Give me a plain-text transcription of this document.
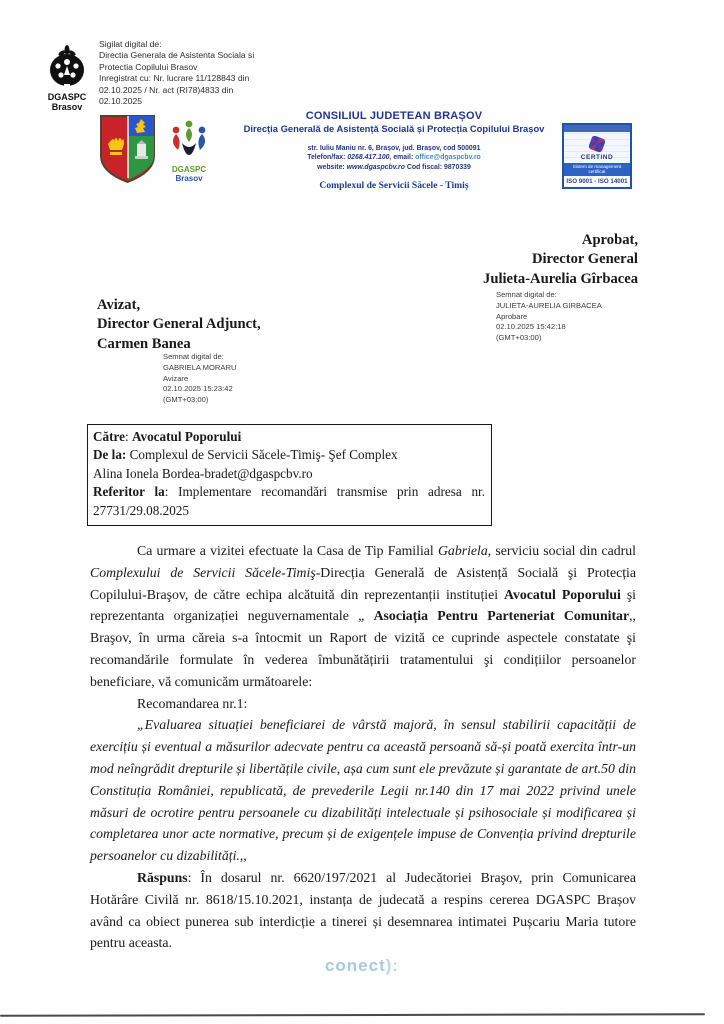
DGASPC
Brasov
Sigilat digital de:
Directia Generala de Asistenta Sociala si
Protectia Copilului Brasov
Inregistrat cu: Nr. lucrare 11/128843 din
02.10.2025 / Nr. act (RI78)4833 din
02.10.2025
DGASPC
Brasov
CONSILIUL JUDETEAN BRAȘOV
Direcția Generală de Asistență Socială și Protecția Copilului Brașov
str. Iuliu Maniu nr. 6, Brașov, jud. Brașov, cod 500091
Telefon/fax: 0268.417.100, email: office@dgaspcbv.ro
website: www.dgaspcbv.ro Cod fiscal: 9870339
Complexul de Servicii Săcele - Timiș
CERTIND
Sistem de management certificat
ISO 9001 - ISO 14001
Aprobat,
Director General
Julieta-Aurelia Gîrbacea
Semnat digital de:
JULIETA-AURELIA GIRBACEA
Aprobare
02.10.2025 15:42:18
(GMT+03:00)
Avizat,
Director General Adjunct,
Carmen Banea
Semnat digital de:
GABRIELA MORARU
Avizare
02.10.2025 15:23:42
(GMT+03:00)
Către: Avocatul Poporului
De la: Complexul de Servicii Săcele-Timiş- Şef Complex
Alina Ionela Bordea-bradet@dgaspcbv.ro
Referitor la: Implementare recomandări transmise prin adresa nr. 27731/29.08.2025

Ca urmare a vizitei efectuate la Casa de Tip Familial Gabriela, serviciu social din cadrul Complexului de Servicii Săcele-Timiş-Direcția Generală de Asistență Socială şi Protecția Copilului-Braşov, de către echipa alcătuită din reprezentanții instituției Avocatul Poporului şi reprezentanta organizației neguvernamentale „ Asociația Pentru Parteneriat Comunitar,, Braşov, în urma căreia s-a întocmit un Raport de vizită ce cuprinde aspectele constatate şi recomandările formulate în vederea îmbunătățirii tratamentului şi condițiilor persoanelor beneficiare, vă comunicăm următoarele:

Recomandarea nr.1:

„Evaluarea situației beneficiarei de vârstă majoră, în sensul stabilirii capacității de exercițiu și eventual a măsurilor adecvate pentru ca această persoană să-și poată exercita într-un mod neîngrădit drepturile și libertățile civile, așa cum sunt ele prevăzute și garantate de art.50 din Constituția României, republicată, de prevederile Legii nr.140 din 17 mai 2022 privind unele măsuri de ocrotire pentru persoanele cu dizabilități intelectuale și psihosociale și modificarea și completarea unor acte normative, precum și de exigențele impuse de Convenția privind drepturile persoanelor cu dizabilități.,,

Răspuns: În dosarul nr. 6620/197/2021 al Judecătoriei Braşov, prin Comunicarea Hotărâre Civilă nr. 8618/15.10.2021, instanța de judecată a respins cererea DGASPC Brașov având ca obiect punerea sub interdicție a tinerei și desemnarea intimatei Pușcariu Maria tutore pentru aceasta.

conect):
